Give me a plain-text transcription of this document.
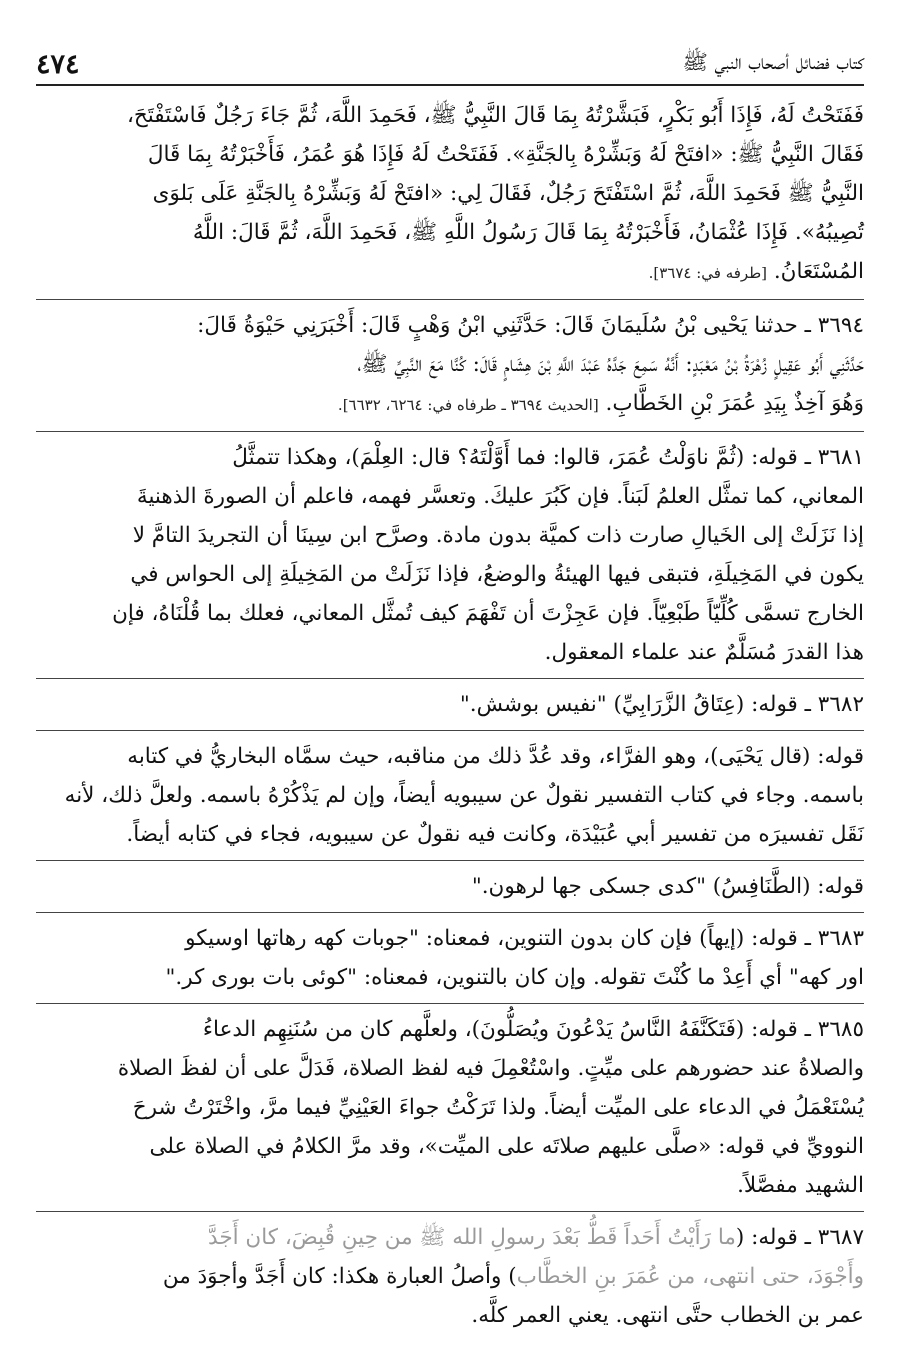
كتاب فضائل أصحاب النبي ﷺ
٤٧٤
فَفَتَحْتُ لَهُ، فَإِذَا أَبُو بَكْرٍ، فَبَشَّرْتُهُ بِمَا قَالَ النَّبِيُّ ﷺ، فَحَمِدَ اللَّهَ، ثُمَّ جَاءَ رَجُلٌ فَاسْتَفْتَحَ،
فَقَالَ النَّبِيُّ ﷺ: «افتَحْ لَهُ وَبَشِّرْهُ بِالجَنَّةِ». فَفَتَحْتُ لَهُ فَإِذَا هُوَ عُمَرُ، فَأَخْبَرْتُهُ بِمَا قَالَ
النَّبِيُّ ﷺ فَحَمِدَ اللَّهَ، ثُمَّ اسْتَفْتَحَ رَجُلٌ، فَقَالَ لِي: «افتَحْ لَهُ وَبَشِّرْهُ بِالجَنَّةِ عَلَى بَلوَى
تُصِيبُهُ». فَإِذَا عُثْمَانُ، فَأَخْبَرْتُهُ بِمَا قَالَ رَسُولُ اللَّهِ ﷺ، فَحَمِدَ اللَّهَ، ثُمَّ قَالَ: اللَّهُ
المُسْتَعَانُ. [طرفه في: ٣٦٧٤].
٣٦٩٤ ـ حدثنا يَحْيى بْنُ سُلَيمَانَ قَالَ: حَدَّثَنِي ابْنُ وَهْبٍ قَالَ: أَخْبَرَنِي حَيْوَةُ قَالَ:
حَدَّثَنِي أَبُو عَقِيلٍ زُهْرَةُ بْنُ مَعْبَدٍ: أَنَّهُ سَمِعَ جَدَّهُ عَبْدَ اللَّهِ بْنَ هِشَامٍ قَالَ: كُنَّا مَعَ النَّبِيِّ ﷺ،
وَهُوَ آخِذٌ بِيَدِ عُمَرَ بْنِ الخَطَّابِ. [الحديث ٣٦٩٤ ـ طرفاه في: ٦٢٦٤، ٦٦٣٢].
٣٦٨١ ـ قوله: (ثُمَّ ناوَلْتُ عُمَرَ، قالوا: فما أَوَّلْتَهُ؟ قال: العِلْمَ)، وهكذا تتمثَّلُ
المعاني، كما تمثَّل العلمُ لَبَناً. فإن كَبُرَ عليكَ. وتعسَّر فهمه، فاعلم أن الصورةَ الذهنيةَ
إذا نَزَلَتْ إلى الخَيالِ صارت ذات كميَّة بدون مادة. وصرَّح ابن سِينَا أن التجريدَ التامَّ لا
يكون في المَخِيلَةِ، فتبقى فيها الهيئةُ والوضعُ، فإذا نَزَلَتْ من المَخِيلَةِ إلى الحواس في
الخارج تسمَّى كُلِّيّاً طَبْعِيّاً. فإن عَجِزْتَ أن تَفْهَمَ كيف تُمثَّل المعاني، فعلك بما قُلْنَاهُ، فإن
هذا القدرَ مُسَلَّمٌ عند علماء المعقول.
٣٦٨٢ ـ قوله: (عِتَاقُ الزَّرَابِيِّ) "نفيس بوشش."
قوله: (قال يَحْيَى)، وهو الفرَّاء، وقد عُدَّ ذلك من مناقبه، حيث سمَّاه البخاريُّ في كتابه
باسمه. وجاء في كتاب التفسير نقولٌ عن سيبويه أيضاً، وإن لم يَذْكُرْهُ باسمه. ولعلَّ ذلك، لأنه
نَقَل تفسيرَه من تفسير أبي عُبَيْدَة، وكانت فيه نقولٌ عن سيبويه، فجاء في كتابه أيضاً.
قوله: (الطَّنَافِسُ) "كدى جسكى جها لرهون."
٣٦٨٣ ـ قوله: (إيهاً) فإن كان بدون التنوين، فمعناه: "جوبات كهه رهاتها اوسيكو
اور كهه" أي أَعِدْ ما كُنْتَ تقوله. وإن كان بالتنوين، فمعناه: "كوئى بات بورى كر."
٣٦٨٥ ـ قوله: (فَتَكَنَّفَهُ النَّاسُ يَدْعُونَ ويُصَلُّونَ)، ولعلَّهم كان من سُنَنِهِم الدعاءُ
والصلاةُ عند حضورهم على ميِّتٍ. واسْتُعْمِلَ فيه لفظ الصلاة، فَدَلَّ على أن لفظَ الصلاة
يُسْتَعْمَلُ في الدعاء على الميِّت أيضاً. ولذا تَرَكْتُ جواءَ العَيْنِيِّ فيما مرَّ، واخْتَرْتُ شرحَ
النوويِّ في قوله: «صلَّى عليهم صلاتَه على الميِّت»، وقد مرَّ الكلامُ في الصلاة على
الشهيد مفصَّلاً.
٣٦٨٧ ـ قوله: (ما رَأَيْتُ أَحَداً قَطُّ بَعْدَ رسولِ الله ﷺ من حِينِ قُبِضَ، كان أَجَدَّ
وأَجْوَدَ، حتى انتهى، من عُمَرَ بنِ الخطَّاب) وأصلُ العبارة هكذا: كان أَجَدَّ وأجوَدَ من
عمر بن الخطاب حتَّى انتهى. يعني العمر كلَّه.
